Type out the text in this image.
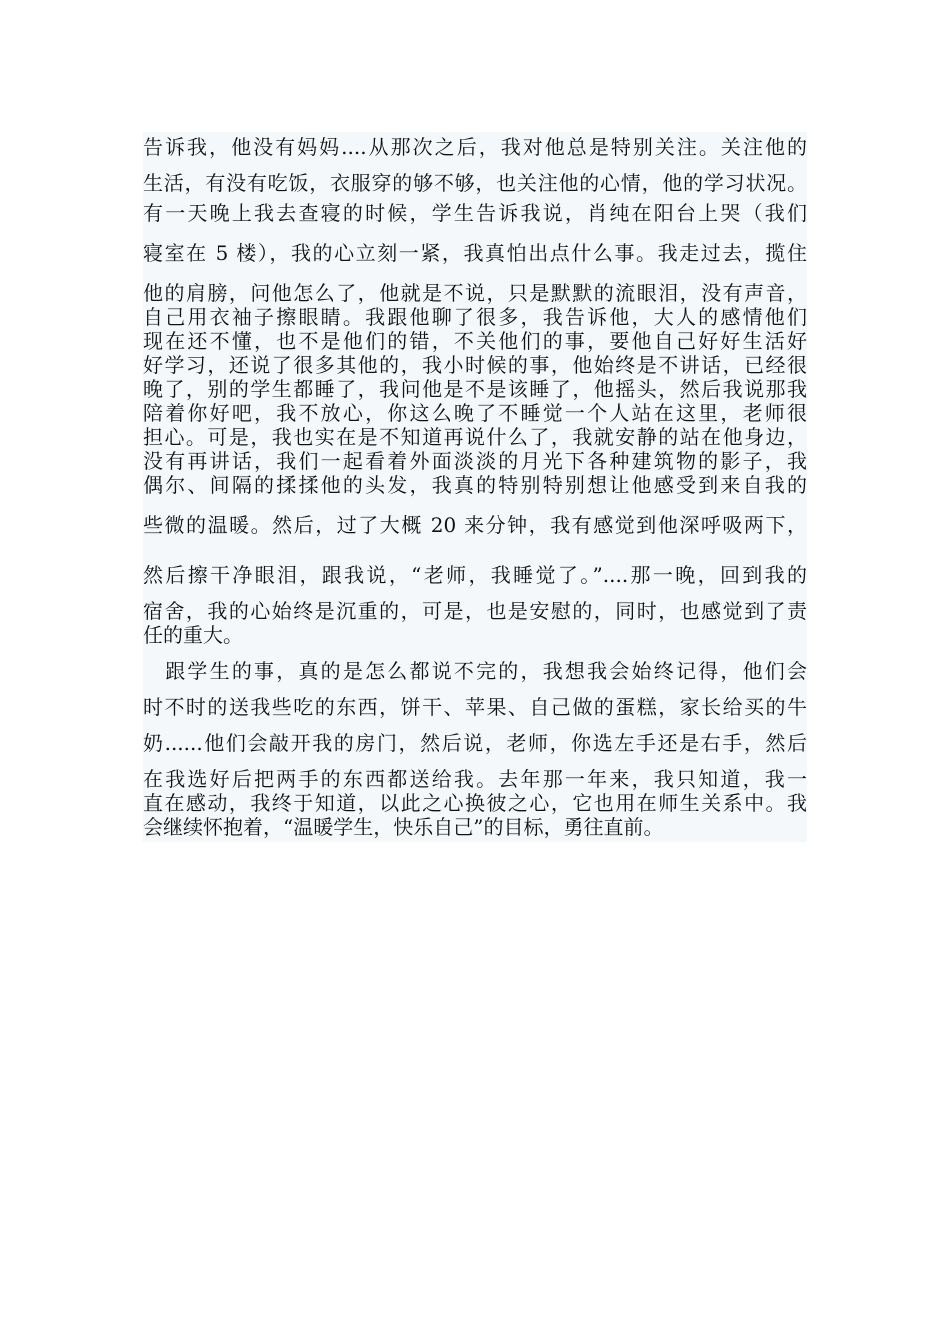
告诉我，他没有妈妈....从那次之后，我对他总是特别关注。关注他的
生活，有没有吃饭，衣服穿的够不够，也关注他的心情，他的学习状况。
有一天晚上我去查寝的时候，学生告诉我说，肖纯在阳台上哭（我们
寝室在 5 楼），我的心立刻一紧，我真怕出点什么事。我走过去，揽住
他的肩膀，问他怎么了，他就是不说，只是默默的流眼泪，没有声音，
自己用衣袖子擦眼睛。我跟他聊了很多，我告诉他，大人的感情他们
现在还不懂，也不是他们的错，不关他们的事，要他自己好好生活好
好学习，还说了很多其他的，我小时候的事，他始终是不讲话，已经很
晚了，别的学生都睡了，我问他是不是该睡了，他摇头，然后我说那我
陪着你好吧，我不放心，你这么晚了不睡觉一个人站在这里，老师很
担心。可是，我也实在是不知道再说什么了，我就安静的站在他身边，
没有再讲话，我们一起看着外面淡淡的月光下各种建筑物的影子，我
偶尔、间隔的揉揉他的头发，我真的特别特别想让他感受到来自我的
些微的温暖。然后，过了大概 20 来分钟，我有感觉到他深呼吸两下，
然后擦干净眼泪，跟我说，“老师，我睡觉了。”....那一晚，回到我的
宿舍，我的心始终是沉重的，可是，也是安慰的，同时，也感觉到了责
任的重大。
　跟学生的事，真的是怎么都说不完的，我想我会始终记得，他们会
时不时的送我些吃的东西，饼干、苹果、自己做的蛋糕，家长给买的牛
奶......他们会敲开我的房门，然后说，老师，你选左手还是右手，然后
在我选好后把两手的东西都送给我。去年那一年来，我只知道，我一
直在感动，我终于知道，以此之心换彼之心，它也用在师生关系中。我
会继续怀抱着，“温暖学生，快乐自己”的目标，勇往直前。
